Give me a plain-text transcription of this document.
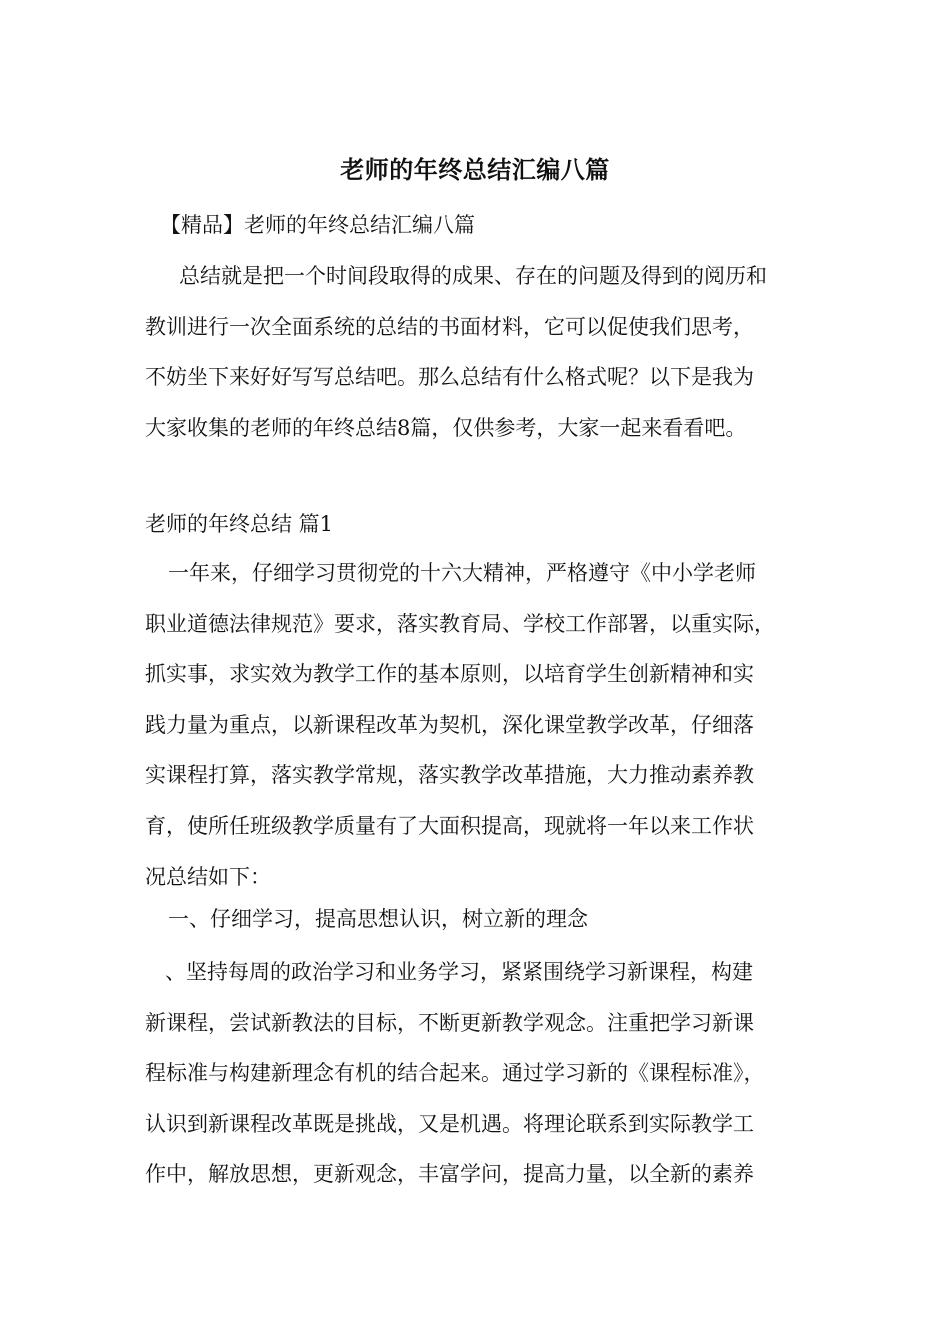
老师的年终总结汇编八篇
【精品】老师的年终总结汇编八篇
总结就是把一个时间段取得的成果、存在的问题及得到的阅历和
教训进行一次全面系统的总结的书面材料，它可以促使我们思考，
不妨坐下来好好写写总结吧。那么总结有什么格式呢？以下是我为
大家收集的老师的年终总结8篇，仅供参考，大家一起来看看吧。
老师的年终总结 篇1
一年来，仔细学习贯彻党的十六大精神，严格遵守《中小学老师
职业道德法律规范》要求，落实教育局、学校工作部署，以重实际，
抓实事，求实效为教学工作的基本原则，以培育学生创新精神和实
践力量为重点，以新课程改革为契机，深化课堂教学改革，仔细落
实课程打算，落实教学常规，落实教学改革措施，大力推动素养教
育，使所任班级教学质量有了大面积提高，现就将一年以来工作状
况总结如下：
一、仔细学习，提高思想认识，树立新的理念
、坚持每周的政治学习和业务学习，紧紧围绕学习新课程，构建
新课程，尝试新教法的目标，不断更新教学观念。注重把学习新课
程标准与构建新理念有机的结合起来。通过学习新的《课程标准》，
认识到新课程改革既是挑战，又是机遇。将理论联系到实际教学工
作中，解放思想，更新观念，丰富学问，提高力量，以全新的素养
